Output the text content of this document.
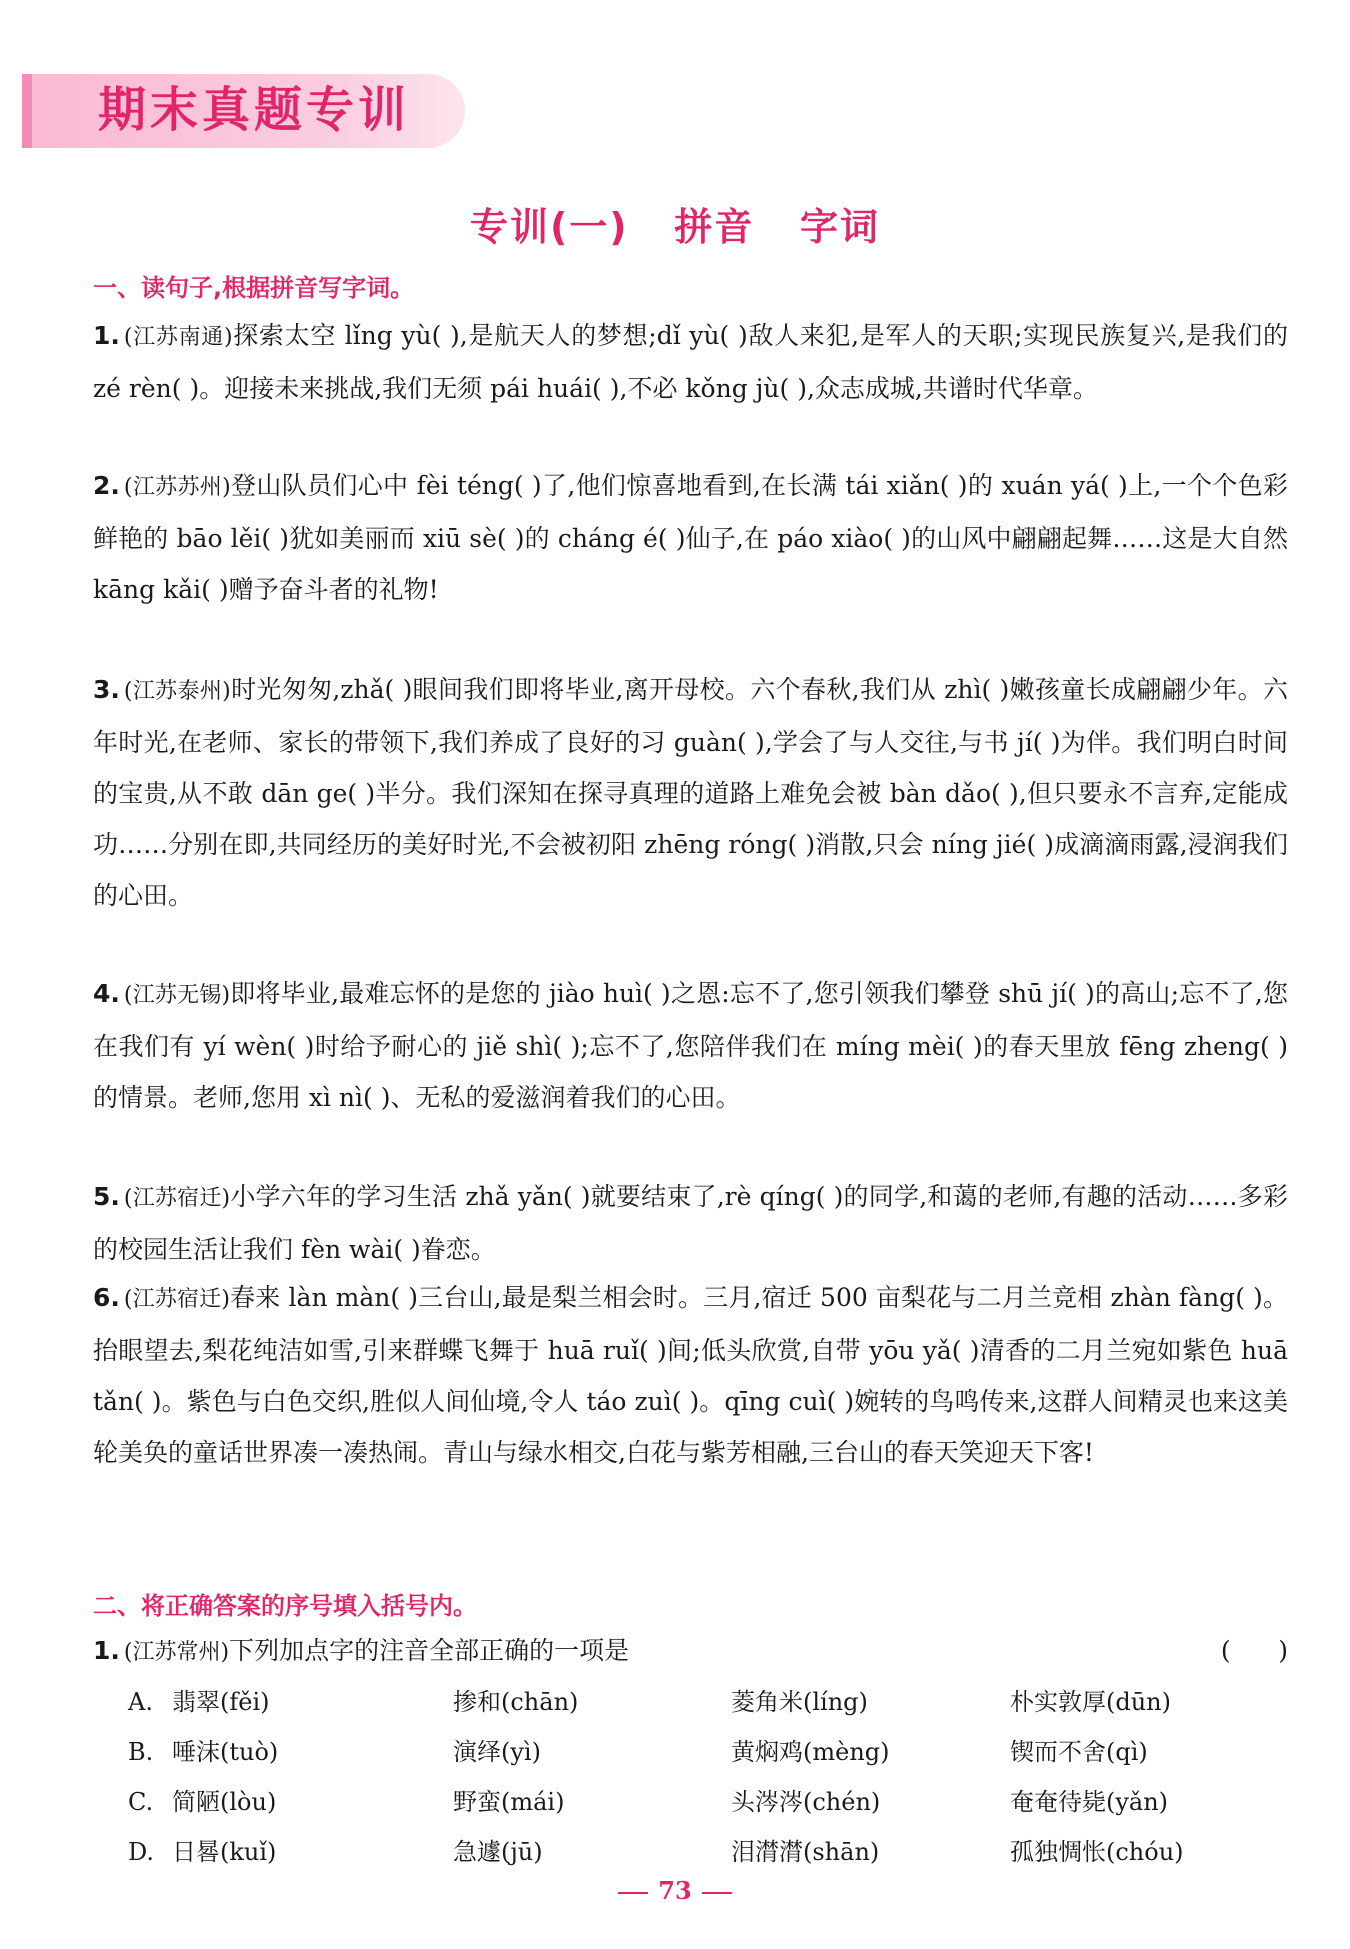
期末真题专训
专训(一)   拼音   字词
一、读句子,根据拼音写字词。
1. (江苏南通)探索太空 lǐng yù( ),是航天人的梦想;dǐ yù( )敌人来犯,是军人的天职;实现民族复兴,是我们的 zé rèn( )。迎接未来挑战,我们无须 pái huái( ),不必 kǒng jù( ),众志成城,共谱时代华章。
2. (江苏苏州)登山队员们心中 fèi téng( )了,他们惊喜地看到,在长满 tái xiǎn( )的 xuán yá( )上,一个个色彩鲜艳的 bāo lěi( )犹如美丽而 xiū sè( )的 cháng é( )仙子,在 páo xiào( )的山风中翩翩起舞……这是大自然 kāng kǎi( )赠予奋斗者的礼物!
3. (江苏泰州)时光匆匆,zhǎ( )眼间我们即将毕业,离开母校。六个春秋,我们从 zhì( )嫩孩童长成翩翩少年。六年时光,在老师、家长的带领下,我们养成了良好的习 guàn( ),学会了与人交往,与书 jí( )为伴。我们明白时间的宝贵,从不敢 dān ge( )半分。我们深知在探寻真理的道路上难免会被 bàn dǎo( ),但只要永不言弃,定能成功……分别在即,共同经历的美好时光,不会被初阳 zhēng róng( )消散,只会 níng jié( )成滴滴雨露,浸润我们的心田。
4. (江苏无锡)即将毕业,最难忘怀的是您的 jiào huì( )之恩:忘不了,您引领我们攀登 shū jí( )的高山;忘不了,您在我们有 yí wèn( )时给予耐心的 jiě shì( );忘不了,您陪伴我们在 míng mèi( )的春天里放 fēng zheng( )的情景。老师,您用 xì nì( )、无私的爱滋润着我们的心田。
5. (江苏宿迁)小学六年的学习生活 zhǎ yǎn( )就要结束了,rè qíng( )的同学,和蔼的老师,有趣的活动……多彩的校园生活让我们 fèn wài( )眷恋。
6. (江苏宿迁)春来 làn màn( )三台山,最是梨兰相会时。三月,宿迁 500 亩梨花与二月兰竞相 zhàn fàng( )。抬眼望去,梨花纯洁如雪,引来群蝶飞舞于 huā ruǐ( )间;低头欣赏,自带 yōu yǎ( )清香的二月兰宛如紫色 huā tǎn( )。紫色与白色交织,胜似人间仙境,令人 táo zuì( )。qīng cuì( )婉转的鸟鸣传来,这群人间精灵也来这美轮美奂的童话世界凑一凑热闹。青山与绿水相交,白花与紫芳相融,三台山的春天笑迎天下客!
二、将正确答案的序号填入括号内。
1. (江苏常州)下列加点字的注音全部正确的一项是	(      )
A. 翡翠(fěi)	掺和(chān)	菱角米(líng)	朴实敦厚(dūn)
B. 唾沫(tuò)	演绎(yì)	黄焖鸡(mèng)	锲而不舍(qì)
C. 简陋(lòu)	野蛮(mái)	头涔涔(chén)	奄奄待毙(yǎn)
D. 日晷(kuǐ)	急遽(jū)	泪潸潸(shān)	孤独惆怅(chóu)
73
